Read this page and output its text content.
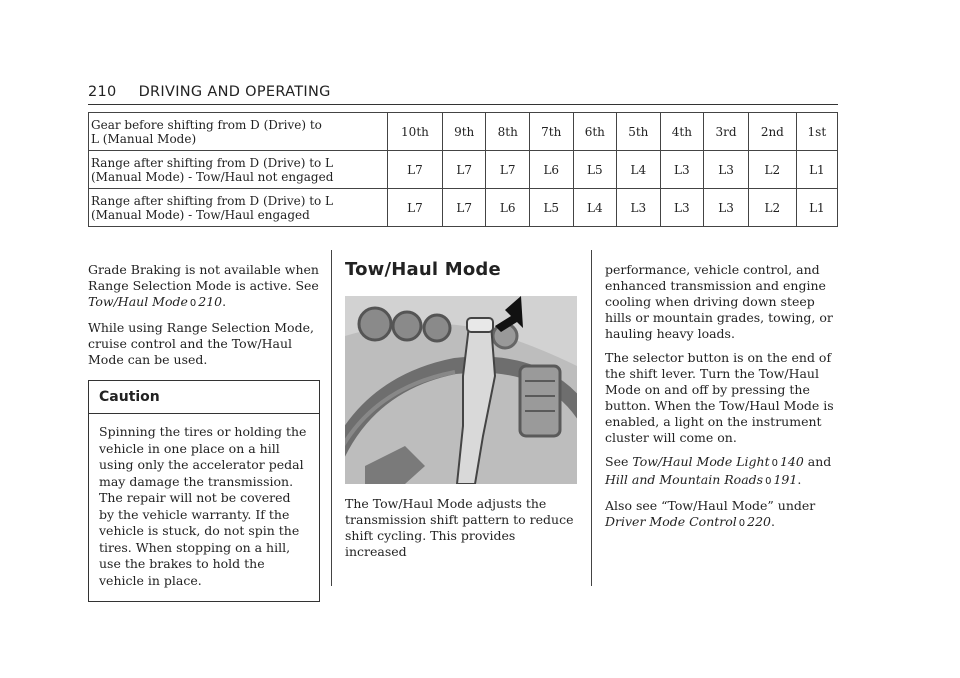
210 DRIVING AND OPERATING
Gear before shifting from D (Drive) to
L (Manual Mode)	10th	9th	8th	7th	6th	5th	4th	3rd	2nd	1st
Range after shifting from D (Drive) to L (Manual Mode) - Tow/Haul not engaged	L7	L7	L7	L6	L5	L4	L3	L3	L2	L1
Range after shifting from D (Drive) to L (Manual Mode) - Tow/Haul engaged	L7	L7	L6	L5	L4	L3	L3	L3	L2	L1

Grade Braking is not available when Range Selection Mode is active. See Tow/Haul Mode 0 210.

While using Range Selection Mode, cruise control and the Tow/Haul Mode can be used.

Caution
Spinning the tires or holding the vehicle in one place on a hill using only the accelerator pedal may damage the transmission. The repair will not be covered by the vehicle warranty. If the vehicle is stuck, do not spin the tires. When stopping on a hill, use the brakes to hold the vehicle in place.
Tow/Haul Mode

The Tow/Haul Mode adjusts the transmission shift pattern to reduce shift cycling. This provides increased

performance, vehicle control, and enhanced transmission and engine cooling when driving down steep hills or mountain grades, towing, or hauling heavy loads.

The selector button is on the end of the shift lever. Turn the Tow/Haul Mode on and off by pressing the button. When the Tow/Haul Mode is enabled, a light on the instrument cluster will come on.

See Tow/Haul Mode Light 0 140 and Hill and Mountain Roads 0 191.

Also see “Tow/Haul Mode” under Driver Mode Control 0 220.
